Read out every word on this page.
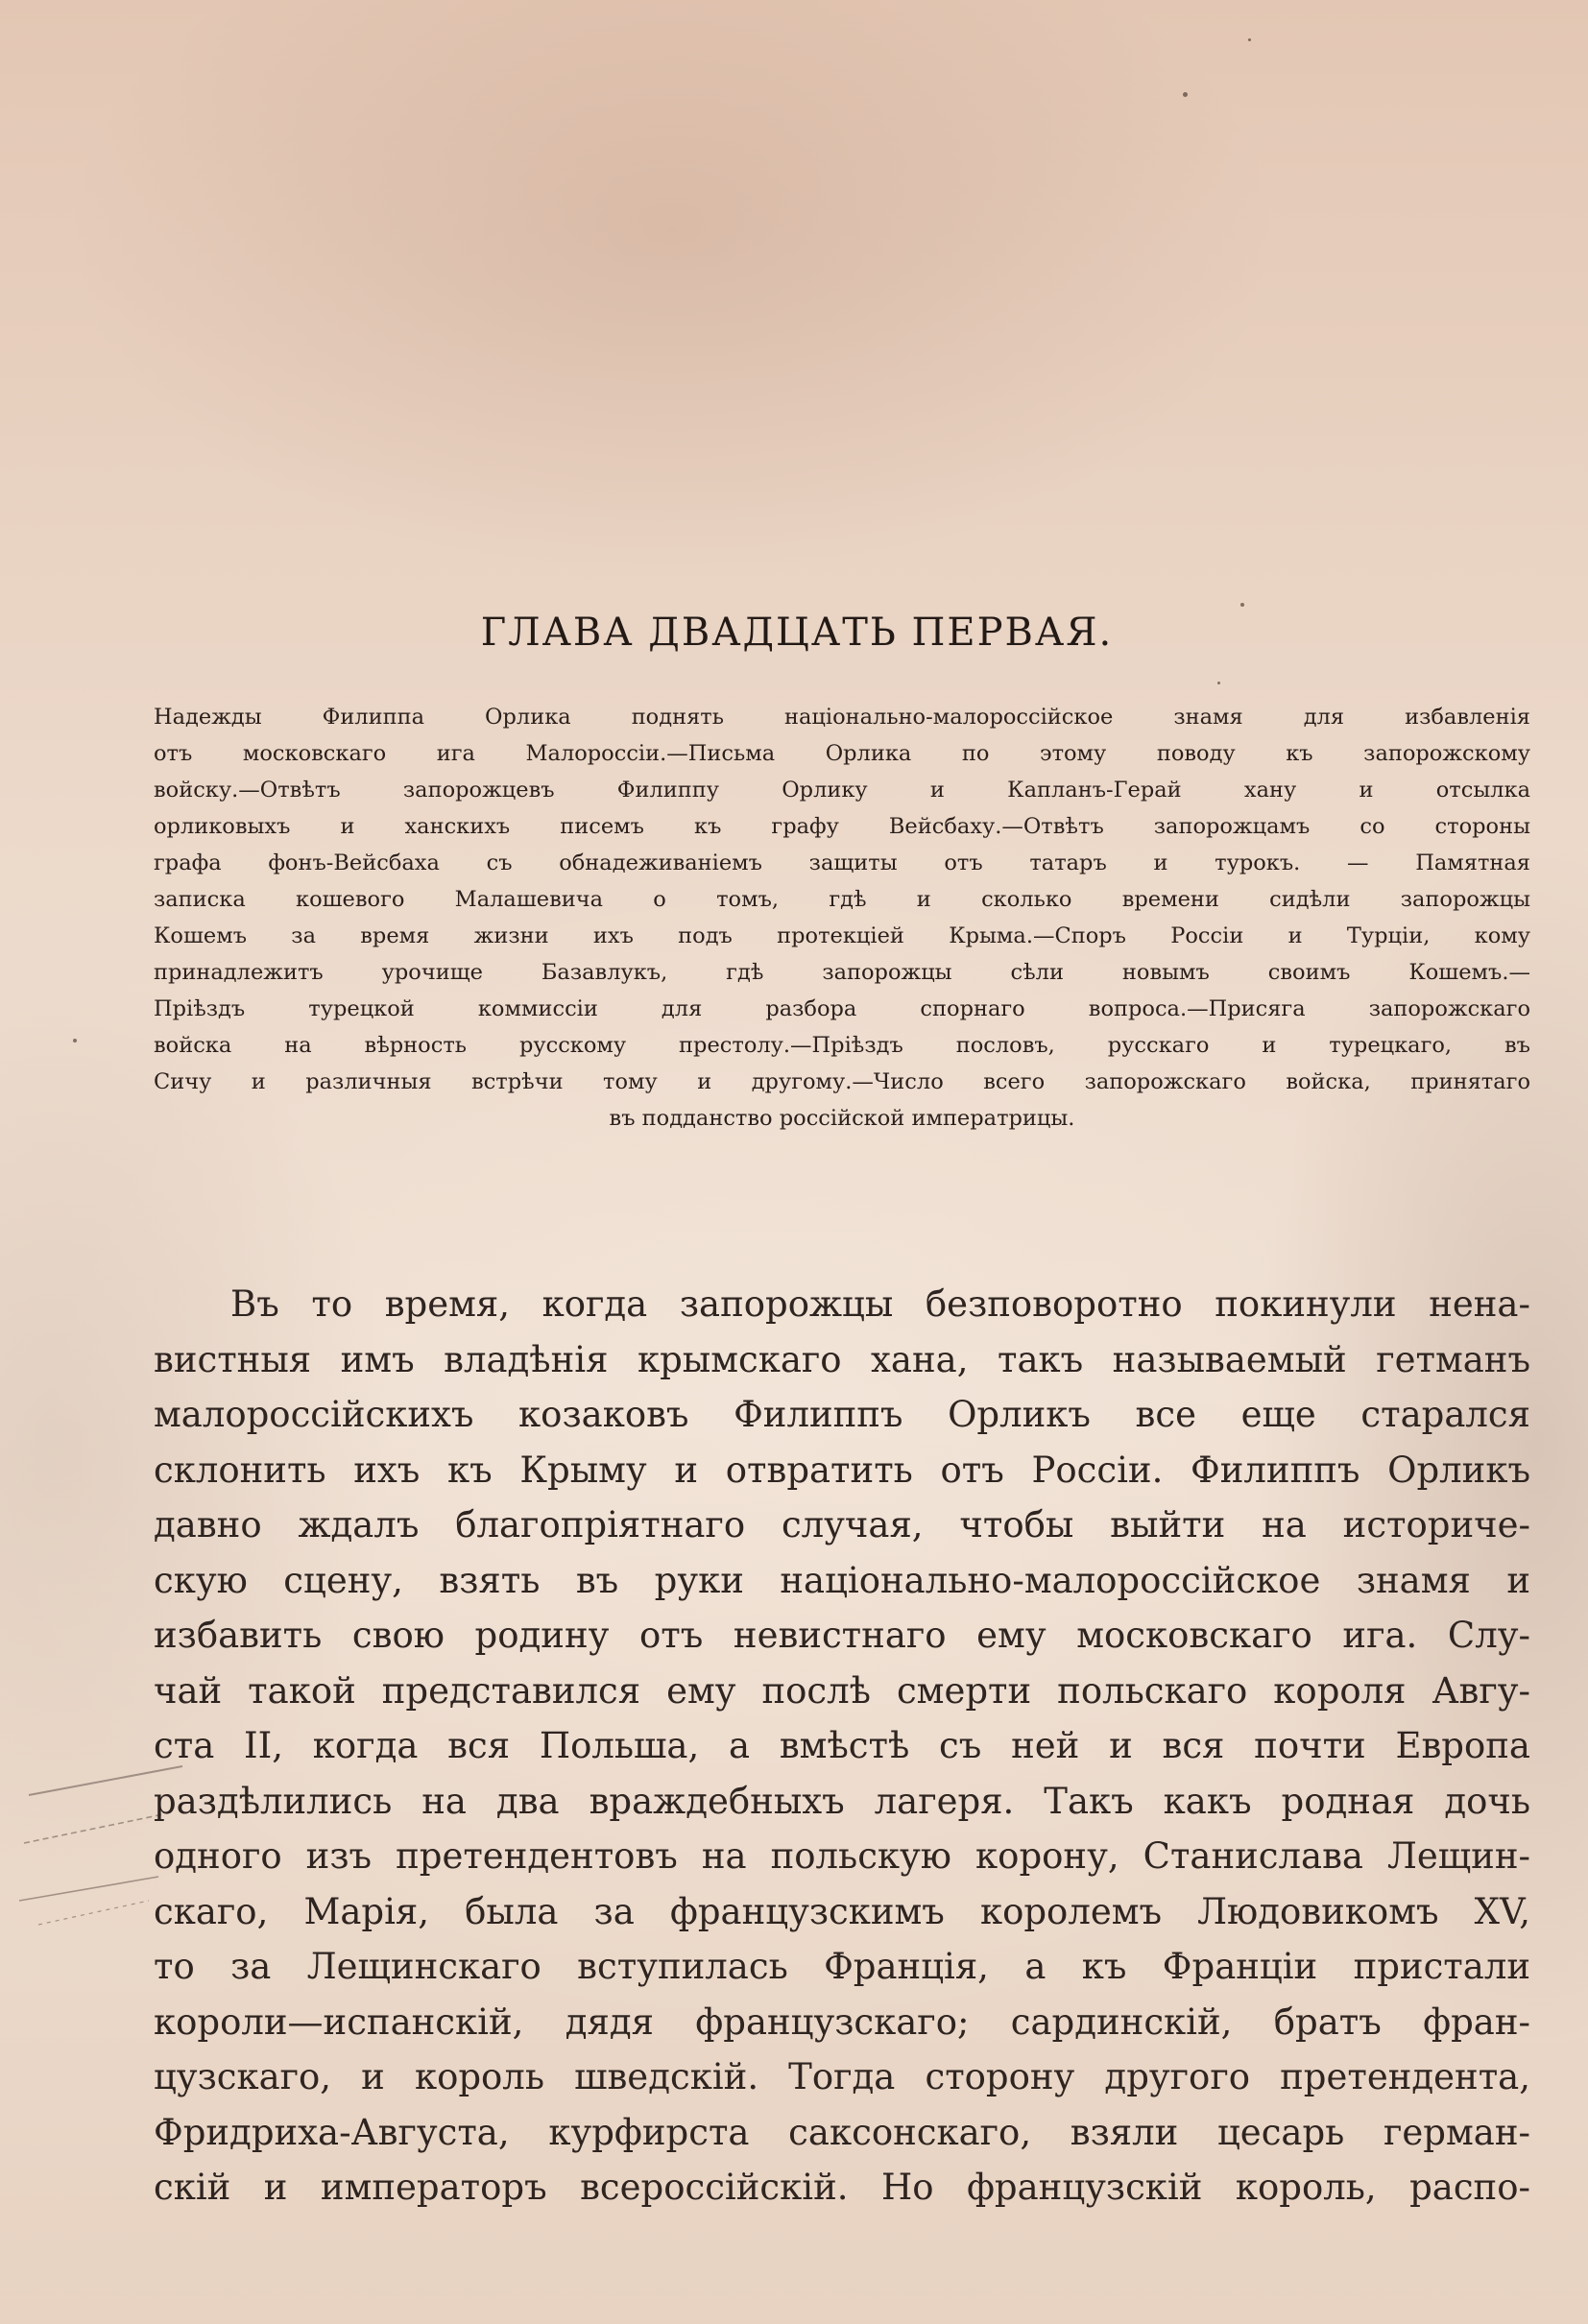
ГЛАВА ДВАДЦАТЬ ПЕРВАЯ.
Надежды Филиппа Орлика поднять національно-малороссійское знамя для избавленія
отъ московскаго ига Малороссіи.—Письма Орлика по этому поводу къ запорожскому
войску.—Отвѣтъ запорожцевъ Филиппу Орлику и Капланъ-Герай хану и отсылка
орликовыхъ и ханскихъ писемъ къ графу Вейсбаху.—Отвѣтъ запорожцамъ со стороны
графа фонъ-Вейсбаха съ обнадеживаніемъ защиты отъ татаръ и турокъ. — Памятная
записка кошевого Малашевича о томъ, гдѣ и сколько времени сидѣли запорожцы
Кошемъ за время жизни ихъ подъ протекціей Крыма.—Споръ Россіи и Турціи, кому
принадлежитъ урочище Базавлукъ, гдѣ запорожцы сѣли новымъ своимъ Кошемъ.—
Пріѣздъ турецкой коммиссіи для разбора спорнаго вопроса.—Присяга запорожскаго
войска на вѣрность русскому престолу.—Пріѣздъ пословъ, русскаго и турецкаго, въ
Сичу и различныя встрѣчи тому и другому.—Число всего запорожскаго войска, принятаго
въ подданство россійской императрицы.
Въ то время, когда запорожцы безповоротно покинули нена-
вистныя имъ владѣнія крымскаго хана, такъ называемый гетманъ
малороссійскихъ козаковъ Филиппъ Орликъ все еще старался
склонить ихъ къ Крыму и отвратить отъ Россіи. Филиппъ Орликъ
давно ждалъ благопріятнаго случая, чтобы выйти на историче-
скую сцену, взять въ руки національно-малороссійское знамя и
избавить свою родину отъ невистнаго ему московскаго ига. Слу-
чай такой представился ему послѣ смерти польскаго короля Авгу-
ста II, когда вся Польша, а вмѣстѣ съ ней и вся почти Европа
раздѣлились на два враждебныхъ лагеря. Такъ какъ родная дочь
одного изъ претендентовъ на польскую корону, Станислава Лещин-
скаго, Марія, была за французскимъ королемъ Людовикомъ XV,
то за Лещинскаго вступилась Франція, а къ Франціи пристали
короли—испанскій, дядя французскаго; сардинскій, братъ фран-
цузскаго, и король шведскій. Тогда сторону другого претендента,
Фридриха-Августа, курфирста саксонскаго, взяли цесарь герман-
скій и императоръ всероссійскій. Но французскій король, распо-
